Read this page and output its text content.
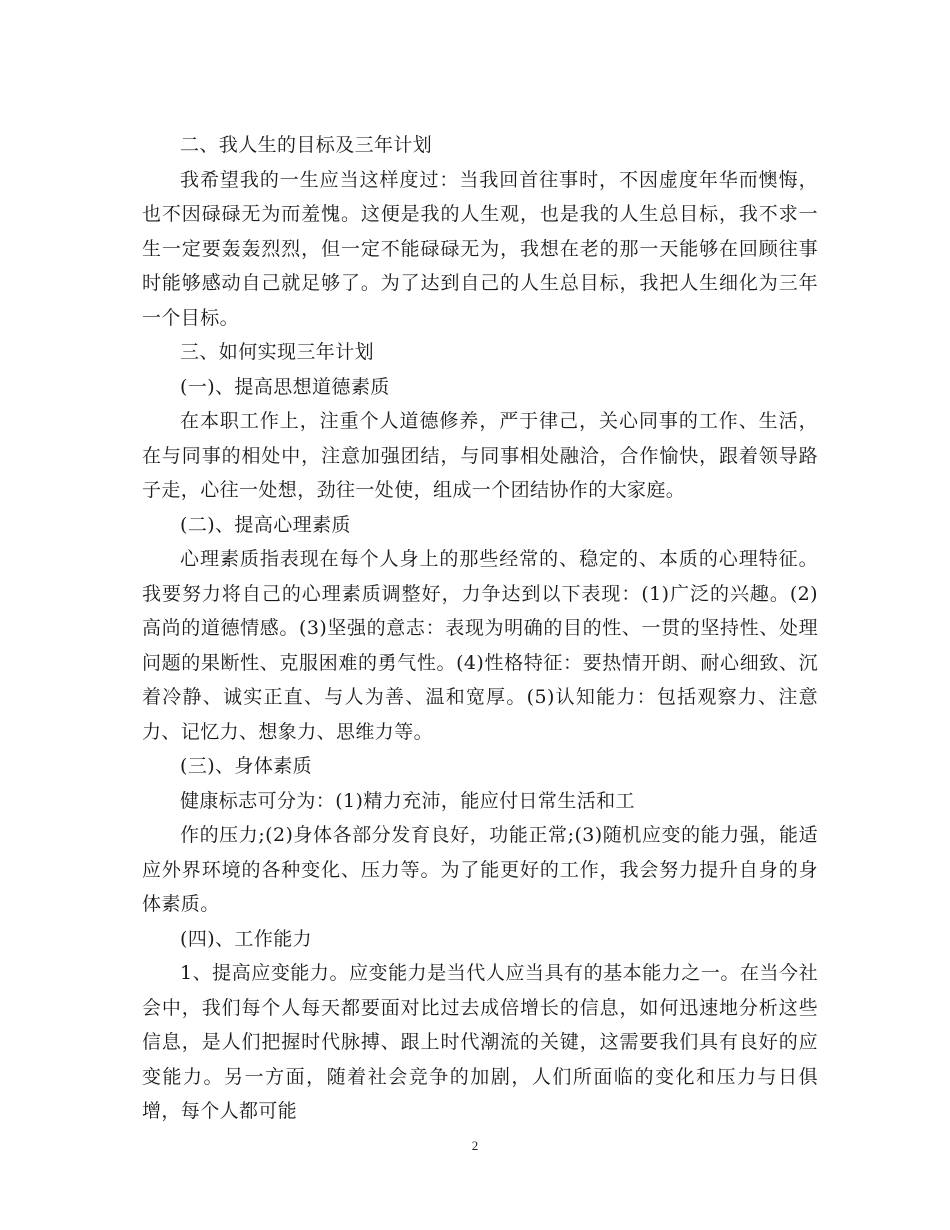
二、我人生的目标及三年计划

我希望我的一生应当这样度过：当我回首往事时，不因虚度年华而懊悔，也不因碌碌无为而羞愧。这便是我的人生观，也是我的人生总目标，我不求一生一定要轰轰烈烈，但一定不能碌碌无为，我想在老的那一天能够在回顾往事时能够感动自己就足够了。为了达到自己的人生总目标，我把人生细化为三年一个目标。

三、如何实现三年计划

(一)、提高思想道德素质

在本职工作上，注重个人道德修养，严于律己，关心同事的工作、生活，在与同事的相处中，注意加强团结，与同事相处融洽，合作愉快，跟着领导路子走，心往一处想，劲往一处使，组成一个团结协作的大家庭。

(二)、提高心理素质

心理素质指表现在每个人身上的那些经常的、稳定的、本质的心理特征。我要努力将自己的心理素质调整好，力争达到以下表现：(1)广泛的兴趣。(2)高尚的道德情感。(3)坚强的意志：表现为明确的目的性、一贯的坚持性、处理问题的果断性、克服困难的勇气性。(4)性格特征：要热情开朗、耐心细致、沉着冷静、诚实正直、与人为善、温和宽厚。(5)认知能力：包括观察力、注意力、记忆力、想象力、思维力等。

(三)、身体素质

健康标志可分为：(1)精力充沛，能应付日常生活和工

作的压力;(2)身体各部分发育良好，功能正常;(3)随机应变的能力强，能适应外界环境的各种变化、压力等。为了能更好的工作，我会努力提升自身的身体素质。

(四)、工作能力

1、提高应变能力。应变能力是当代人应当具有的基本能力之一。在当今社会中，我们每个人每天都要面对比过去成倍增长的信息，如何迅速地分析这些信息，是人们把握时代脉搏、跟上时代潮流的关键，这需要我们具有良好的应变能力。另一方面，随着社会竞争的加剧，人们所面临的变化和压力与日俱增，每个人都可能

2
